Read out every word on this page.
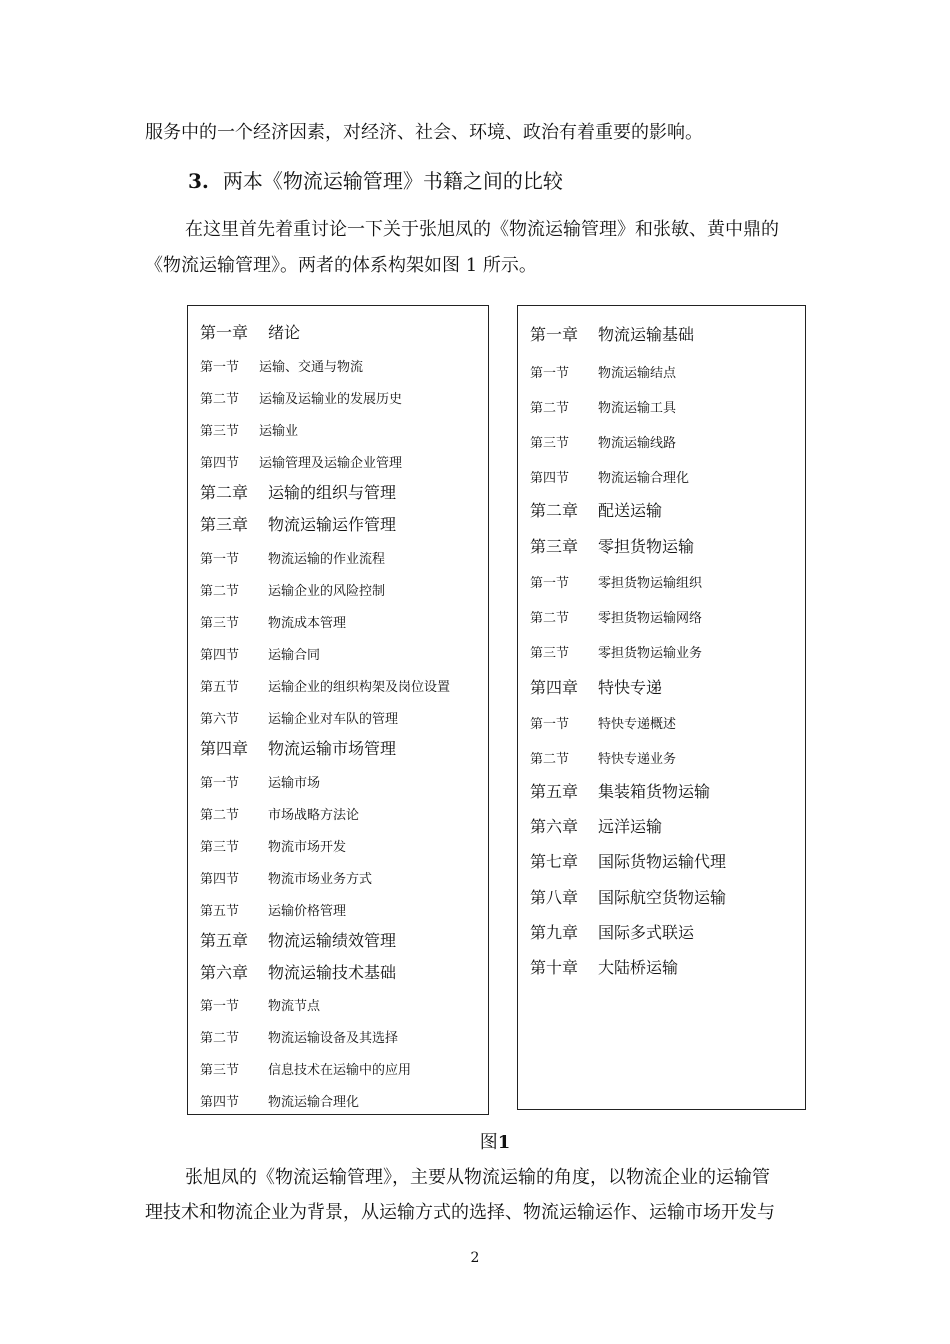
服务中的一个经济因素，对经济、社会、环境、政治有着重要的影响。
3. 两本《物流运输管理》书籍之间的比较
在这里首先着重讨论一下关于张旭凤的《物流运输管理》和张敏、黄中鼎的
《物流运输管理》。两者的体系构架如图 1 所示。
第一章 绪论
第一节 运输、交通与物流
第二节 运输及运输业的发展历史
第三节 运输业
第四节 运输管理及运输企业管理
第二章 运输的组织与管理
第三章 物流运输运作管理
第一节 物流运输的作业流程
第二节 运输企业的风险控制
第三节 物流成本管理
第四节 运输合同
第五节 运输企业的组织构架及岗位设置
第六节 运输企业对车队的管理
第四章 物流运输市场管理
第一节 运输市场
第二节 市场战略方法论
第三节 物流市场开发
第四节 物流市场业务方式
第五节 运输价格管理
第五章 物流运输绩效管理
第六章 物流运输技术基础
第一节 物流节点
第二节 物流运输设备及其选择
第三节 信息技术在运输中的应用
第四节 物流运输合理化
第一章 物流运输基础
第一节 物流运输结点
第二节 物流运输工具
第三节 物流运输线路
第四节 物流运输合理化
第二章 配送运输
第三章 零担货物运输
第一节 零担货物运输组织
第二节 零担货物运输网络
第三节 零担货物运输业务
第四章 特快专递
第一节 特快专递概述
第二节 特快专递业务
第五章 集装箱货物运输
第六章 远洋运输
第七章 国际货物运输代理
第八章 国际航空货物运输
第九章 国际多式联运
第十章 大陆桥运输
图1
张旭凤的《物流运输管理》，主要从物流运输的角度，以物流企业的运输管
理技术和物流企业为背景，从运输方式的选择、物流运输运作、运输市场开发与
2
